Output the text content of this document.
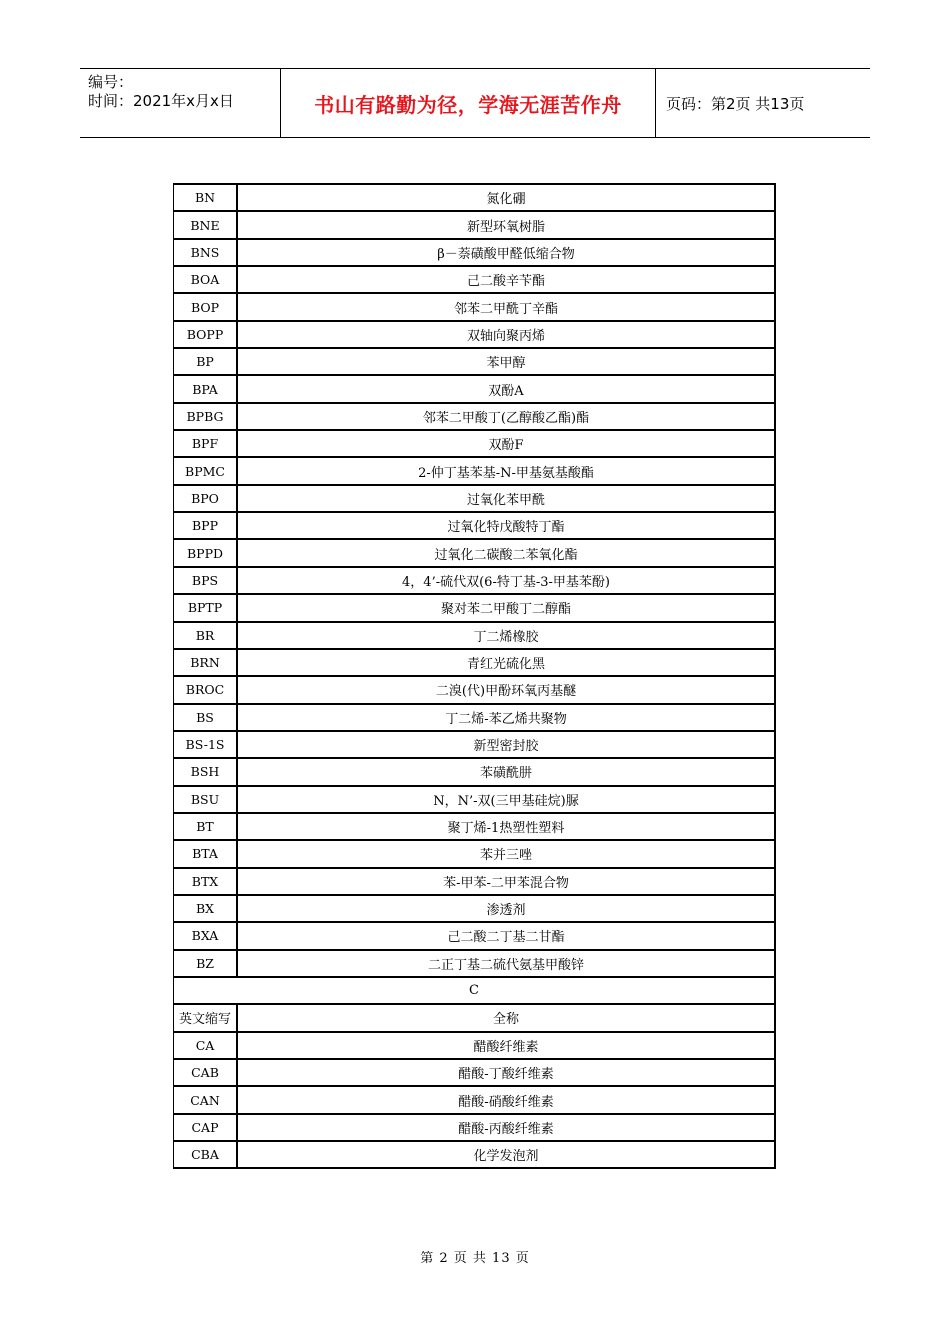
编号：
时间：2021年x月x日	书山有路勤为径，学海无涯苦作舟	页码：第2页 共13页
BN	氮化硼
BNE	新型环氧树脂
BNS	β－萘磺酸甲醛低缩合物
BOA	己二酸辛苄酯
BOP	邻苯二甲酰丁辛酯
BOPP	双轴向聚丙烯
BP	苯甲醇
BPA	双酚A
BPBG	邻苯二甲酸丁(乙醇酸乙酯)酯
BPF	双酚F
BPMC	2-仲丁基苯基-N-甲基氨基酸酯
BPO	过氧化苯甲酰
BPP	过氧化特戊酸特丁酯
BPPD	过氧化二碳酸二苯氧化酯
BPS	4，4’-硫代双(6-特丁基-3-甲基苯酚)
BPTP	聚对苯二甲酸丁二醇酯
BR	丁二烯橡胶
BRN	青红光硫化黑
BROC	二溴(代)甲酚环氧丙基醚
BS	丁二烯-苯乙烯共聚物
BS-1S	新型密封胶
BSH	苯磺酰肼
BSU	N，N’-双(三甲基硅烷)脲
BT	聚丁烯-1热塑性塑料
BTA	苯并三唑
BTX	苯-甲苯-二甲苯混合物
BX	渗透剂
BXA	己二酸二丁基二甘酯
BZ	二正丁基二硫代氨基甲酸锌
C
英文缩写	全称
CA	醋酸纤维素
CAB	醋酸-丁酸纤维素
CAN	醋酸-硝酸纤维素
CAP	醋酸-丙酸纤维素
CBA	化学发泡剂
第 2 页 共 13 页
